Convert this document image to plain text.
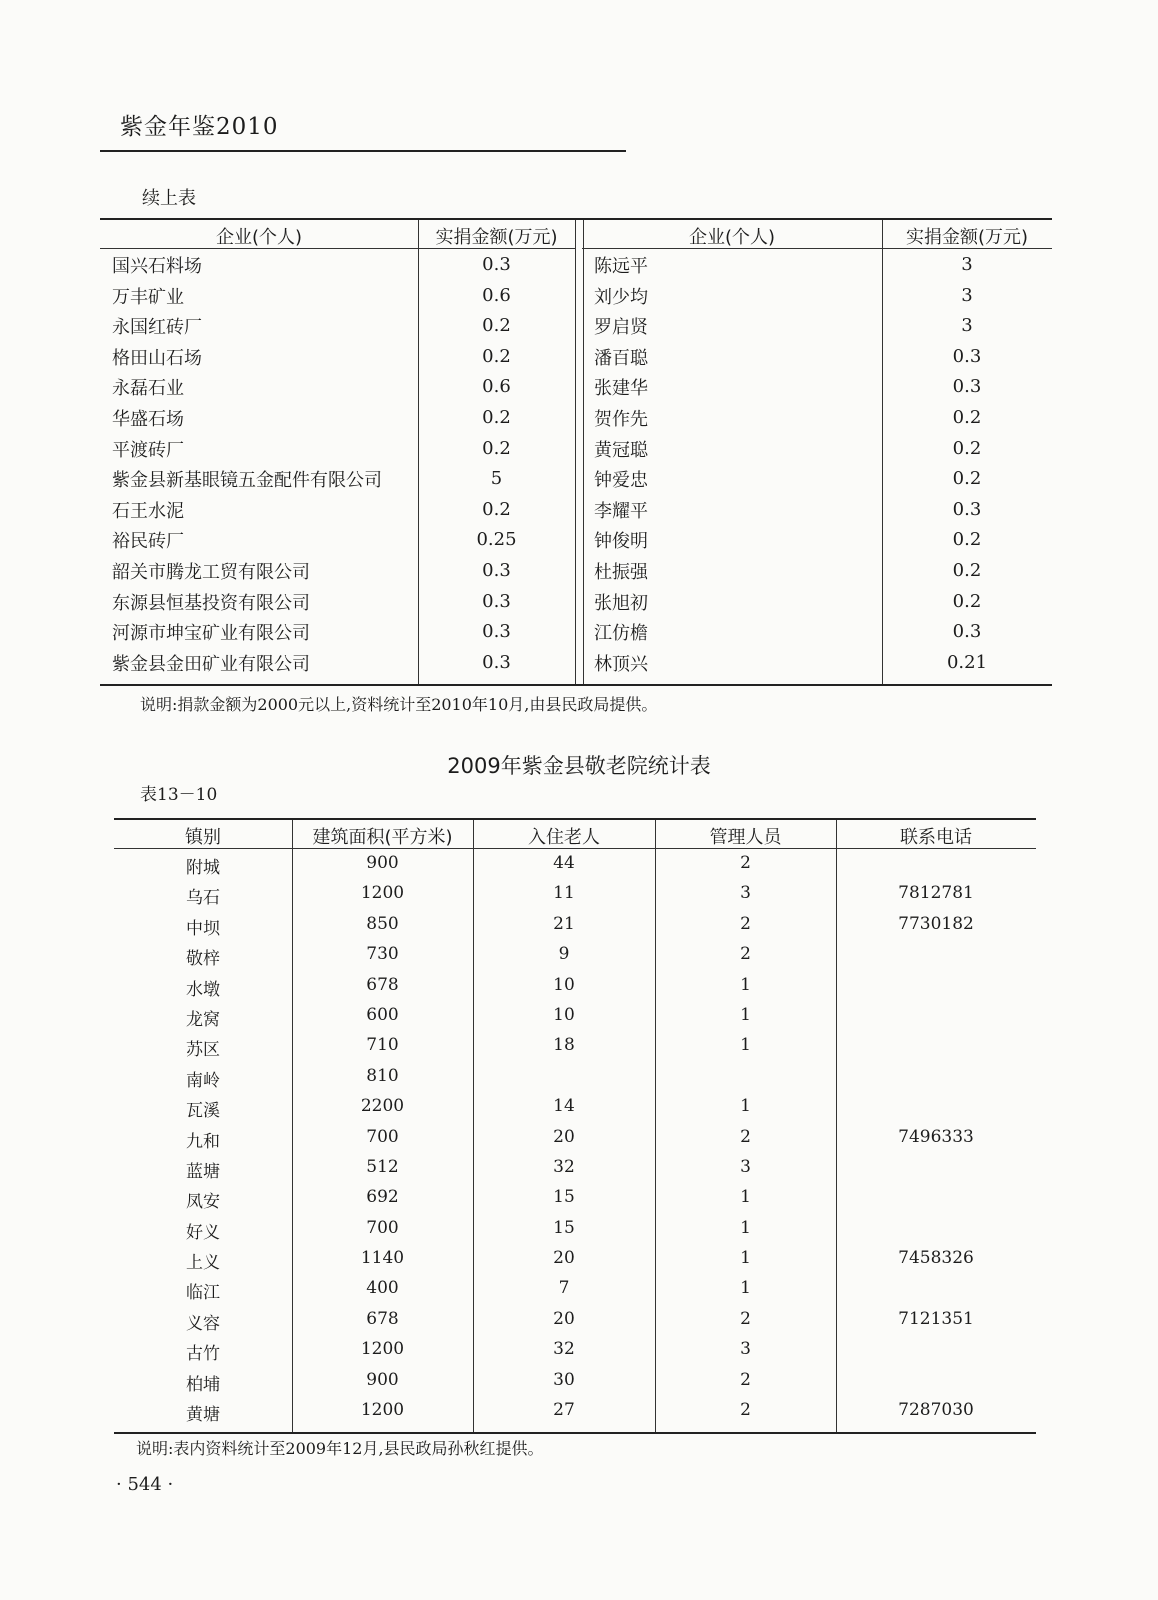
紫金年鉴2010
续上表
企业(个人)	实捐金额(万元)
国兴石料场	0.3
万丰矿业	0.6
永国红砖厂	0.2
格田山石场	0.2
永磊石业	0.6
华盛石场	0.2
平渡砖厂	0.2
紫金县新基眼镜五金配件有限公司	5
石王水泥	0.2
裕民砖厂	0.25
韶关市腾龙工贸有限公司	0.3
东源县恒基投资有限公司	0.3
河源市坤宝矿业有限公司	0.3
紫金县金田矿业有限公司	0.3
企业(个人)	实捐金额(万元)
陈远平	3
刘少均	3
罗启贤	3
潘百聪	0.3
张建华	0.3
贺作先	0.2
黄冠聪	0.2
钟爱忠	0.2
李耀平	0.3
钟俊明	0.2
杜振强	0.2
张旭初	0.2
江仿檐	0.3
林顶兴	0.21
说明:捐款金额为2000元以上,资料统计至2010年10月,由县民政局提供。
2009年紫金县敬老院统计表
表13－10
镇别	建筑面积(平方米)	入住老人	管理人员	联系电话
附城	900	44	2
乌石	1200	11	3	7812781
中坝	850	21	2	7730182
敬梓	730	9	2
水墩	678	10	1
龙窝	600	10	1
苏区	710	18	1
南岭	810
瓦溪	2200	14	1
九和	700	20	2	7496333
蓝塘	512	32	3
凤安	692	15	1
好义	700	15	1
上义	1140	20	1	7458326
临江	400	7	1
义容	678	20	2	7121351
古竹	1200	32	3
柏埔	900	30	2
黄塘	1200	27	2	7287030
说明:表内资料统计至2009年12月,县民政局孙秋红提供。
· 544 ·
